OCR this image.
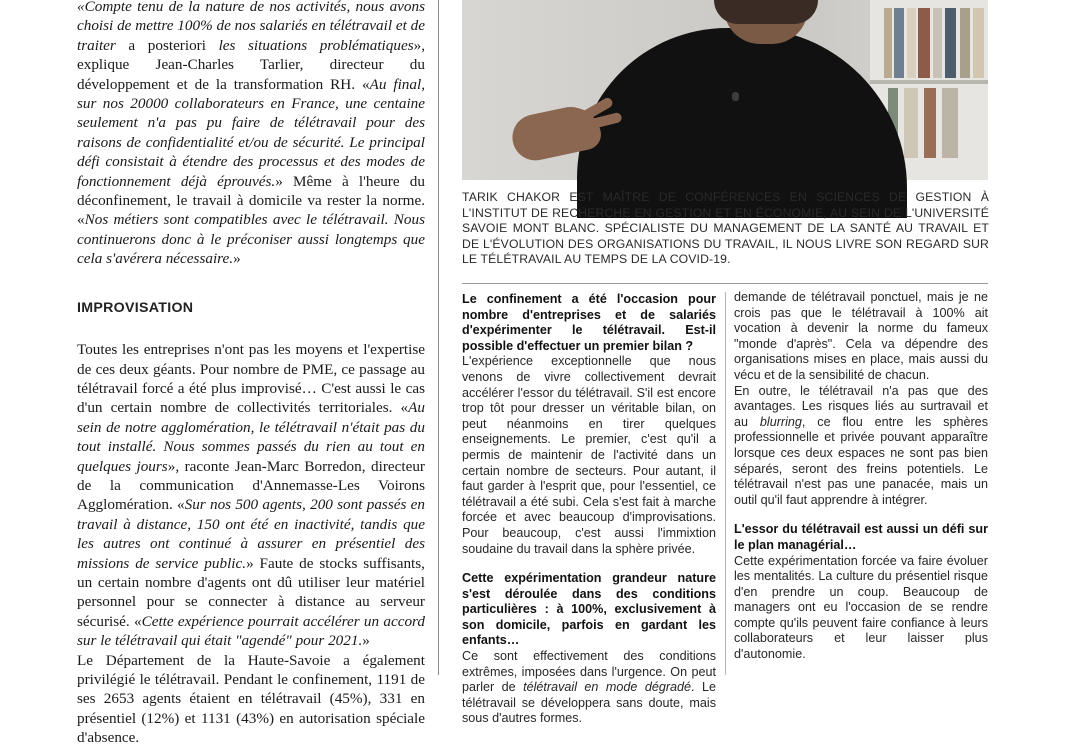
«Compte tenu de la nature de nos activités, nous avons choisi de mettre 100% de nos salariés en télétravail et de traiter a posteriori les situations problématiques», explique Jean-Charles Tarlier, directeur du développement et de la transformation RH. «Au final, sur nos 20000 collaborateurs en France, une centaine seulement n'a pas pu faire de télétravail pour des raisons de confidentialité et/ou de sécurité. Le principal défi consistait à étendre des processus et des modes de fonctionnement déjà éprouvés.» Même à l'heure du déconfinement, le travail à domicile va rester la norme. «Nos métiers sont compatibles avec le télétravail. Nous continuerons donc à le préconiser aussi longtemps que cela s'avérera nécessaire.»

IMPROVISATION

Toutes les entreprises n'ont pas les moyens et l'expertise de ces deux géants. Pour nombre de PME, ce passage au télétravail forcé a été plus improvisé… C'est aussi le cas d'un certain nombre de collectivités territoriales. «Au sein de notre agglomération, le télétravail n'était pas du tout installé. Nous sommes passés du rien au tout en quelques jours», raconte Jean-Marc Borredon, directeur de la communication d'Annemasse-Les Voirons Agglomération. «Sur nos 500 agents, 200 sont passés en travail à distance, 150 ont été en inactivité, tandis que les autres ont continué à assurer en présentiel des missions de service public.» Faute de stocks suffisants, un certain nombre d'agents ont dû utiliser leur matériel personnel pour se connecter à distance au serveur sécurisé. «Cette expérience pourrait accélérer un accord sur le télétravail qui était "agendé" pour 2021.»

Le Département de la Haute-Savoie a également privilégié le télétravail. Pendant le confinement, 1191 de ses 2653 agents étaient en télétravail (45%), 331 en présentiel (12%) et 1131 (43%) en autorisation spéciale d'absence.

TARIK CHAKOR EST MAÎTRE DE CONFÉRENCES EN SCIENCES DE GESTION À L'INSTITUT DE RECHERCHE EN GESTION ET EN ÉCONOMIE, AU SEIN DE L'UNIVERSITÉ SAVOIE MONT BLANC. SPÉCIALISTE DU MANAGEMENT DE LA SANTÉ AU TRAVAIL ET DE L'ÉVOLUTION DES ORGANISATIONS DU TRAVAIL, IL NOUS LIVRE SON REGARD SUR LE TÉLÉTRAVAIL AU TEMPS DE LA COVID-19.

Le confinement a été l'occasion pour nombre d'entreprises et de salariés d'expérimenter le télétravail. Est-il possible d'effectuer un premier bilan ?

L'expérience exceptionnelle que nous venons de vivre collectivement devrait accélérer l'essor du télétravail. S'il est encore trop tôt pour dresser un véritable bilan, on peut néanmoins en tirer quelques enseignements. Le premier, c'est qu'il a permis de maintenir de l'activité dans un certain nombre de secteurs. Pour autant, il faut garder à l'esprit que, pour l'essentiel, ce télétravail a été subi. Cela s'est fait à marche forcée et avec beaucoup d'improvisations. Pour beaucoup, c'est aussi l'immixtion soudaine du travail dans la sphère privée.

Cette expérimentation grandeur nature s'est déroulée dans des conditions particulières : à 100%, exclusivement à son domicile, parfois en gardant les enfants…

Ce sont effectivement des conditions extrêmes, imposées dans l'urgence. On peut parler de télétravail en mode dégradé. Le télétravail se développera sans doute, mais sous d'autres formes.

demande de télétravail ponctuel, mais je ne crois pas que le télétravail à 100% ait vocation à devenir la norme du fameux "monde d'après". Cela va dépendre des organisations mises en place, mais aussi du vécu et de la sensibilité de chacun.

En outre, le télétravail n'a pas que des avantages. Les risques liés au surtravail et au blurring, ce flou entre les sphères professionnelle et privée pouvant apparaître lorsque ces deux espaces ne sont pas bien séparés, seront des freins potentiels. Le télétravail n'est pas une panacée, mais un outil qu'il faut apprendre à intégrer.

L'essor du télétravail est aussi un défi sur le plan managérial…

Cette expérimentation forcée va faire évoluer les mentalités. La culture du présentiel risque d'en prendre un coup. Beaucoup de managers ont eu l'occasion de se rendre compte qu'ils peuvent faire confiance à leurs collaborateurs et leur laisser plus d'autonomie.
